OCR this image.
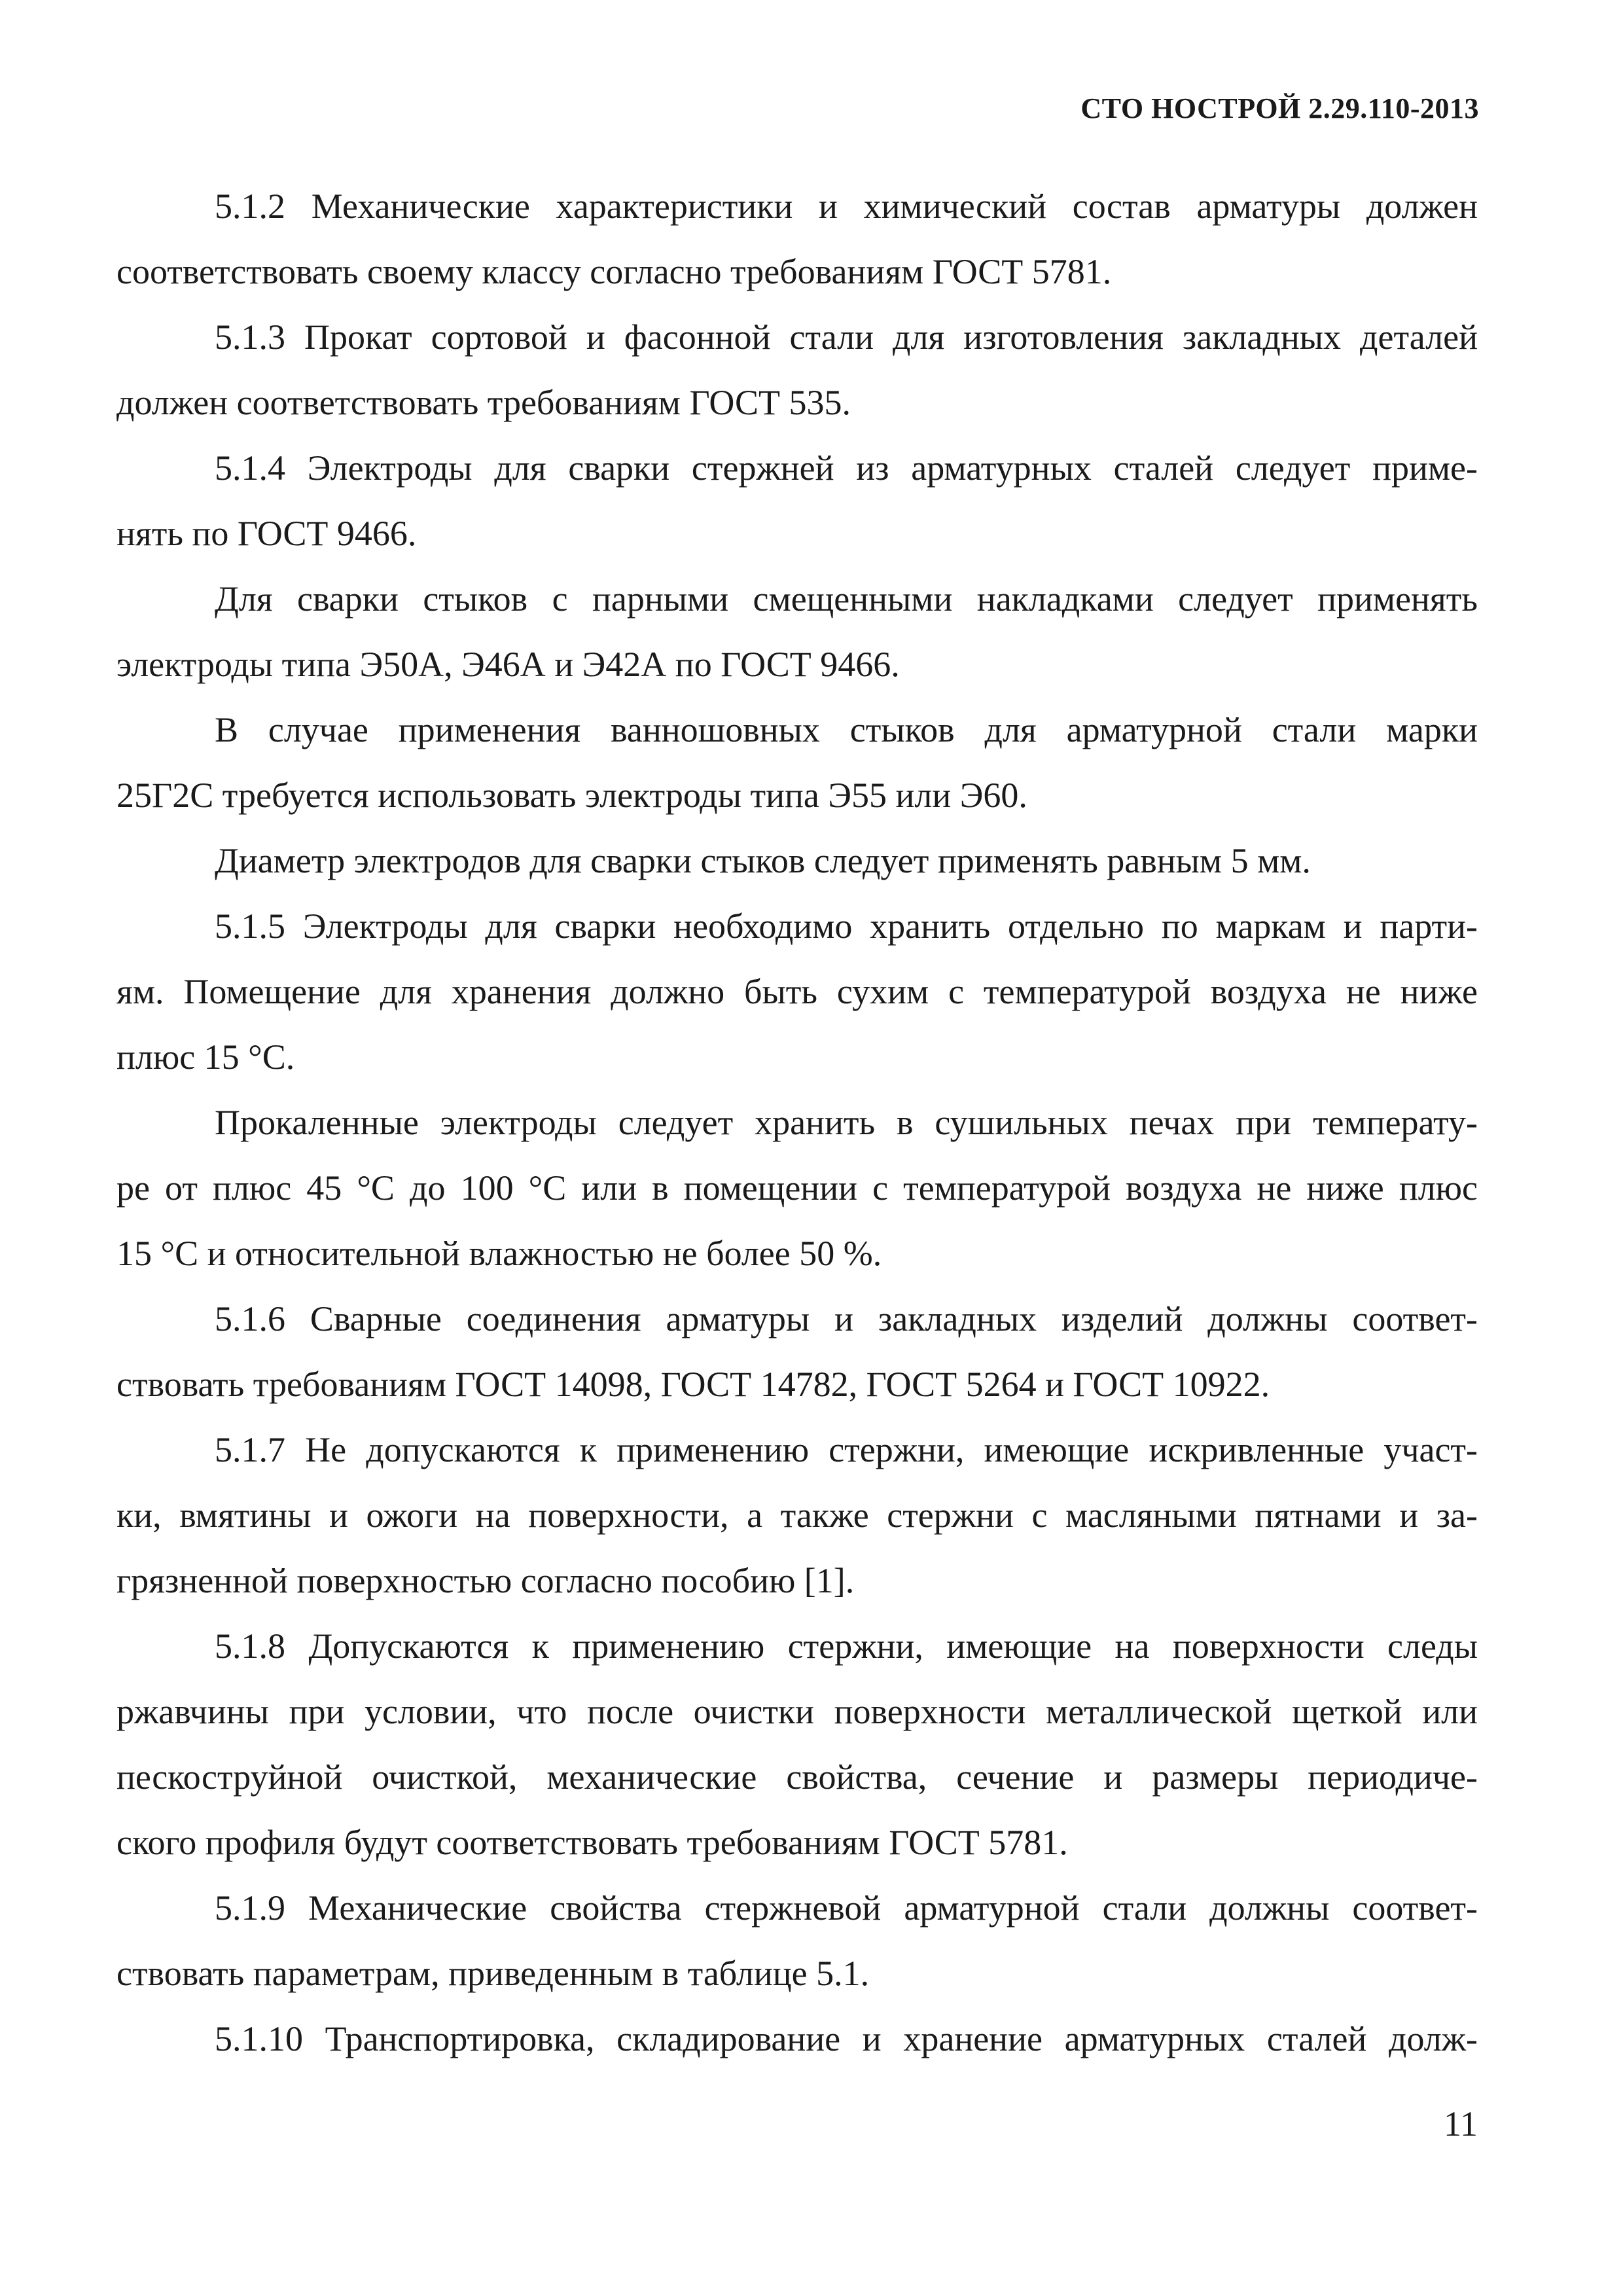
СТО НОСТРОЙ 2.29.110-2013
5.1.2 Механические характеристики и химический состав арматуры должен
соответствовать своему классу согласно требованиям ГОСТ 5781.
5.1.3 Прокат сортовой и фасонной стали для изготовления закладных деталей
должен соответствовать требованиям ГОСТ 535.
5.1.4 Электроды для сварки стержней из арматурных сталей следует приме-
нять по ГОСТ 9466.
Для сварки стыков с парными смещенными накладками следует применять
электроды типа Э50А, Э46А и Э42А по ГОСТ 9466.
В случае применения ванношовных стыков для арматурной стали марки
25Г2С требуется использовать электроды типа Э55 или Э60.
Диаметр электродов для сварки стыков следует применять равным 5 мм.
5.1.5 Электроды для сварки необходимо хранить отдельно по маркам и парти-
ям. Помещение для хранения должно быть сухим с температурой воздуха не ниже
плюс 15 °С.
Прокаленные электроды следует хранить в сушильных печах при температу-
ре от плюс 45 °С до 100 °С или в помещении с температурой воздуха не ниже плюс
15 °С и относительной влажностью не более 50 %.
5.1.6 Сварные соединения арматуры и закладных изделий должны соответ-
ствовать требованиям ГОСТ 14098, ГОСТ 14782, ГОСТ 5264 и ГОСТ 10922.
5.1.7 Не допускаются к применению стержни, имеющие искривленные участ-
ки, вмятины и ожоги на поверхности, а также стержни с масляными пятнами и за-
грязненной поверхностью согласно пособию [1].
5.1.8 Допускаются к применению стержни, имеющие на поверхности следы
ржавчины при условии, что после очистки поверхности металлической щеткой или
пескоструйной очисткой, механические свойства, сечение и размеры периодиче-
ского профиля будут соответствовать требованиям ГОСТ 5781.
5.1.9 Механические свойства стержневой арматурной стали должны соответ-
ствовать параметрам, приведенным в таблице 5.1.
5.1.10 Транспортировка, складирование и хранение арматурных сталей долж-
11
